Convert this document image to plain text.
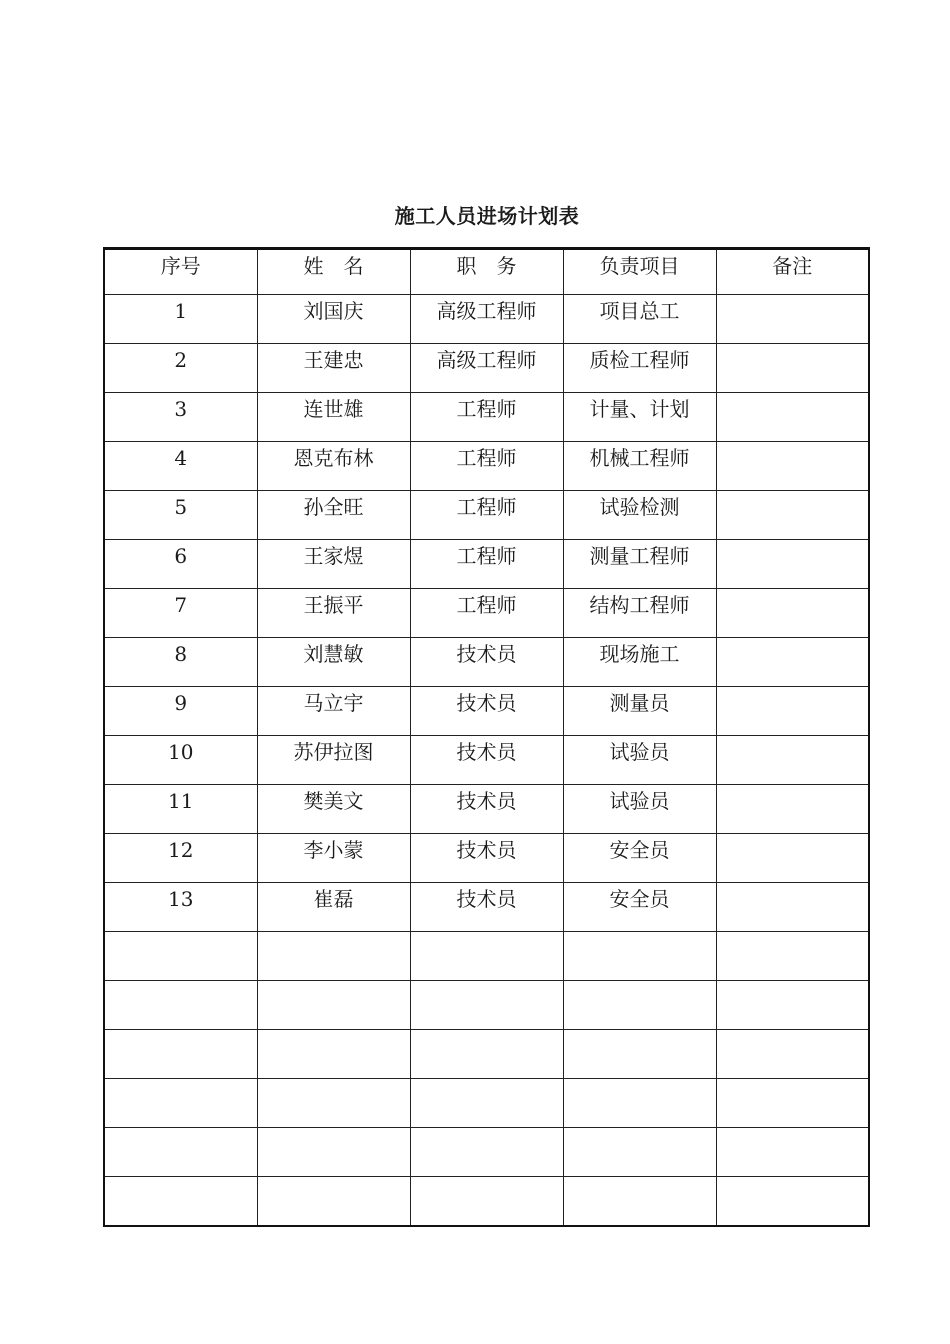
施工人员进场计划表
序号	姓　名	职　务	负责项目	备注
1	刘国庆	高级工程师	项目总工	
2	王建忠	高级工程师	质检工程师	
3	连世雄	工程师	计量、计划	
4	恩克布林	工程师	机械工程师	
5	孙全旺	工程师	试验检测	
6	王家煜	工程师	测量工程师	
7	王振平	工程师	结构工程师	
8	刘慧敏	技术员	现场施工	
9	马立宇	技术员	测量员	
10	苏伊拉图	技术员	试验员	
11	樊美文	技术员	试验员	
12	李小蒙	技术员	安全员	
13	崔磊	技术员	安全员	
